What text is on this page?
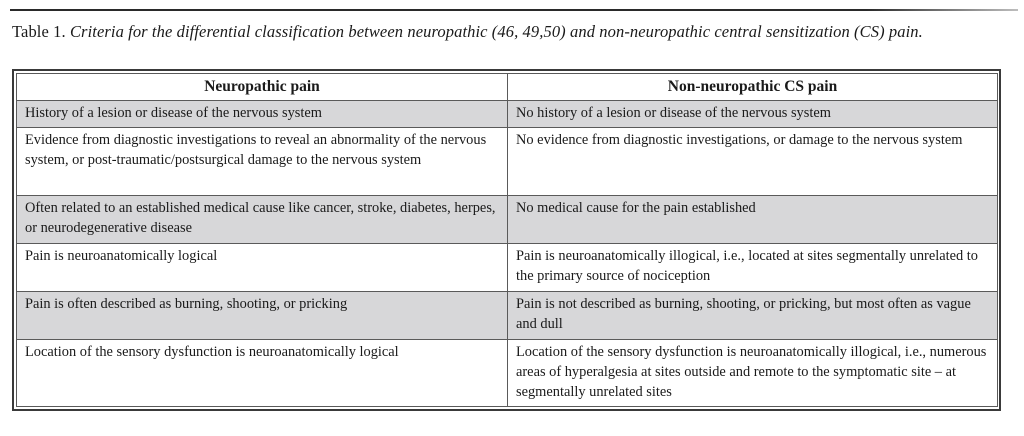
Table 1. Criteria for the differential classification between neuropathic (46, 49,50) and non-neuropathic central sensitization (CS) pain.
Neuropathic pain	Non-neuropathic CS pain
History of a lesion or disease of the nervous system	No history of a lesion or disease of the nervous system
Evidence from diagnostic investigations to reveal an abnormality of the nervous system, or post-traumatic/postsurgical damage to the nervous system	No evidence from diagnostic investigations, or damage to the nervous system
Often related to an established medical cause like cancer, stroke, diabetes, herpes, or neurodegenerative disease	No medical cause for the pain established
Pain is neuroanatomically logical	Pain is neuroanatomically illogical, i.e., located at sites segmentally unrelated to the primary source of nociception
Pain is often described as burning, shooting, or pricking	Pain is not described as burning, shooting, or pricking, but most often as vague and dull
Location of the sensory dysfunction is neuroanatomically logical	Location of the sensory dysfunction is neuroanatomically illogical, i.e., numerous areas of hyperalgesia at sites outside and remote to the symptomatic site – at segmentally unrelated sites
